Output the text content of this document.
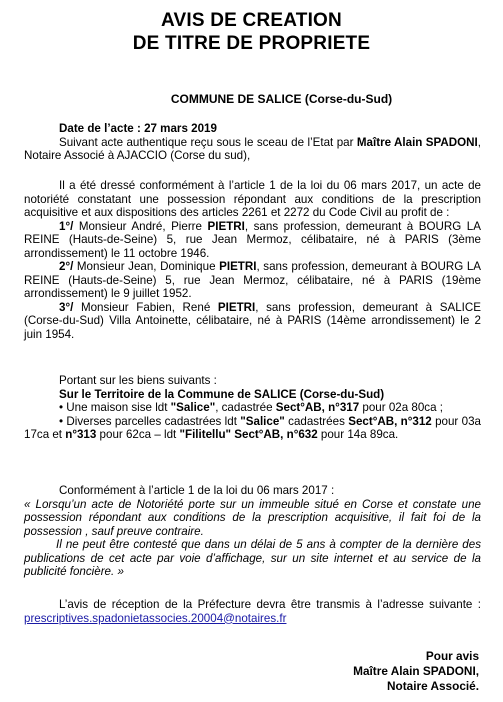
AVIS DE CREATION
DE TITRE DE PROPRIETE
COMMUNE DE SALICE (Corse-du-Sud)

Date de l’acte : 27 mars 2019

Suivant acte authentique reçu sous le sceau de l’Etat par Maître Alain SPADONI, Notaire Associé à AJACCIO (Corse du sud),

Il a été dressé conformément à l’article 1 de la loi du 06 mars 2017, un acte de notoriété constatant une possession répondant aux conditions de la prescription acquisitive et aux dispositions des articles 2261 et 2272 du Code Civil au profit de :

1°/ Monsieur André, Pierre PIETRI, sans profession, demeurant à BOURG LA REINE (Hauts-de-Seine) 5, rue Jean Mermoz, célibataire, né à PARIS (3ème arrondissement) le 11 octobre 1946.

2°/ Monsieur Jean, Dominique PIETRI, sans profession, demeurant à BOURG LA REINE (Hauts-de-Seine) 5, rue Jean Mermoz, célibataire, né à PARIS (19ème arrondissement) le 9 juillet 1952.

3°/ Monsieur Fabien, René PIETRI, sans profession, demeurant à SALICE (Corse-du-Sud) Villa Antoinette, célibataire, né à PARIS (14ème arrondissement) le 2 juin 1954.

Portant sur les biens suivants :

Sur le Territoire de la Commune de SALICE (Corse-du-Sud)

• Une maison sise ldt "Salice", cadastrée Sect°AB, n°317 pour 02a 80ca ;

• Diverses parcelles cadastrées ldt "Salice" cadastrées Sect°AB, n°312 pour 03a 17ca et n°313 pour 62ca – ldt "Filitellu" Sect°AB, n°632 pour 14a 89ca.

Conformément à l’article 1 de la loi du 06 mars 2017 :

« Lorsqu’un acte de Notoriété porte sur un immeuble situé en Corse et constate une possession répondant aux conditions de la prescription acquisitive, il fait foi de la possession , sauf preuve contraire.

Il ne peut être contesté que dans un délai de 5 ans à compter de la dernière des publications de cet acte par voie d’affichage, sur un site internet et au service de la publicité foncière. »

L’avis de réception de la Préfecture devra être transmis à l’adresse suivante : prescriptives.spadonietassocies.20004@notaires.fr

Pour avis
Maître Alain SPADONI,
Notaire Associé.
